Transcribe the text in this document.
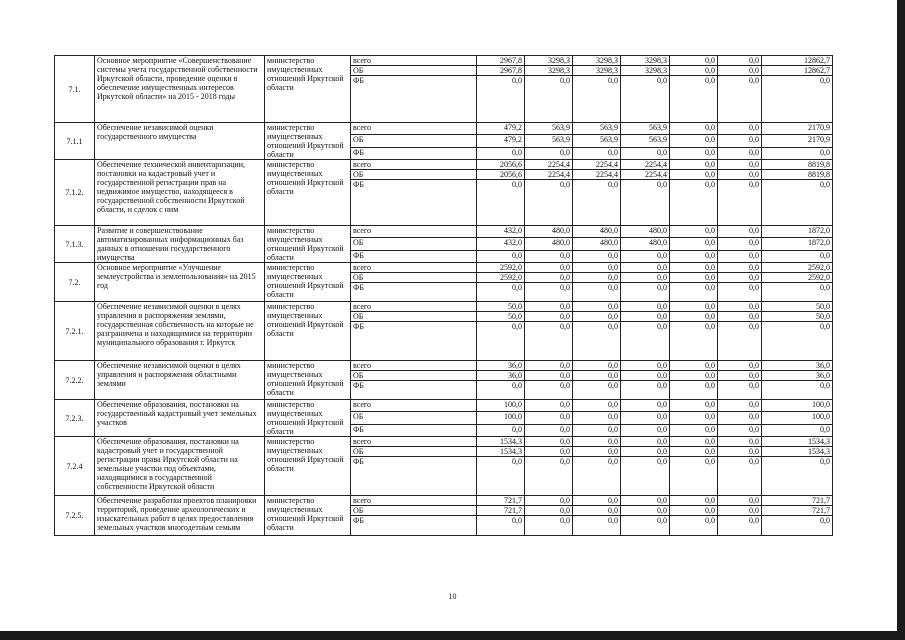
7.1.	Основное мероприятие «Совершенствование системы учета государственной собственности Иркутской области, проведение оценки в обеспечение имущественных интересов Иркутской области» на 2015 - 2018 годы	министерство имущественных отношений Иркутской области	всего	2967,8	3298,3	3298,3	3298,3	0,0	0,0	12862,7
			ОБ	2967,8	3298,3	3298,3	3298,3	0,0	0,0	12862,7
			ФБ	0,0	0,0	0,0	0,0	0,0	0,0	0,0
7.1.1	Обеспечение независимой оценки государственного имущества	министерство имущественных отношений Иркутской области	всего	479,2	563,9	563,9	563,9	0,0	0,0	2170,9
			ОБ	479,2	563,9	563,9	563,9	0,0	0,0	2170,9
			ФБ	0,0	0,0	0,0	0,0	0,0	0,0	0,0
7.1.2.	Обеспечение технической инвентаризации, постановки на кадастровый учет и государственной регистрации прав на недвижимое имущество, находящееся в государственной собственности Иркутской области, и сделок с ним	министерство имущественных отношений Иркутской области	всего	2056,6	2254,4	2254,4	2254,4	0,0	0,0	8819,8
			ОБ	2056,6	2254,4	2254,4	2254,4	0,0	0,0	8819,8
			ФБ	0,0	0,0	0,0	0,0	0,0	0,0	0,0
7.1.3.	Развитие и совершенствование автоматизированных информационных баз данных в отношении государственного имущества	министерство имущественных отношений Иркутской области	всего	432,0	480,0	480,0	480,0	0,0	0,0	1872,0
			ОБ	432,0	480,0	480,0	480,0	0,0	0,0	1872,0
			ФБ	0,0	0,0	0,0	0,0	0,0	0,0	0,0
7.2.	Основное мероприятие «Улучшение землеустройства и землепользования» на 2015 год	министерство имущественных отношений Иркутской области	всего	2592,0	0,0	0,0	0,0	0,0	0,0	2592,0
			ОБ	2592,0	0,0	0,0	0,0	0,0	0,0	2592,0
			ФБ	0,0	0,0	0,0	0,0	0,0	0,0	0,0
7.2.1.	Обеспечение независимой оценки в целях управления и распоряжения землями, государственная собственность на которые не разграничена и находящимися на территории муниципального образования г. Иркутск	министерство имущественных отношений Иркутской области	всего	50,0	0,0	0,0	0,0	0,0	0,0	50,0
			ОБ	50,0	0,0	0,0	0,0	0,0	0,0	50,0
			ФБ	0,0	0,0	0,0	0,0	0,0	0,0	0,0
7.2.2.	Обеспечение независимой оценки в целях управления и распоряжения областными землями	министерство имущественных отношений Иркутской области	всего	36,0	0,0	0,0	0,0	0,0	0,0	36,0
			ОБ	36,0	0,0	0,0	0,0	0,0	0,0	36,0
			ФБ	0,0	0,0	0,0	0,0	0,0	0,0	0,0
7.2.3.	Обеспечение образования, постановки на государственный кадастровый учет земельных участков	министерство имущественных отношений Иркутской области	всего	100,0	0,0	0,0	0,0	0,0	0,0	100,0
			ОБ	100,0	0,0	0,0	0,0	0,0	0,0	100,0
			ФБ	0,0	0,0	0,0	0,0	0,0	0,0	0,0
7.2.4	Обеспечение образования, постановки на кадастровый учет и государственной регистрации права Иркутской области на земельные участки под объектами, находящимися в государственной собственности Иркутской области	министерство имущественных отношений Иркутской области	всего	1534,3	0,0	0,0	0,0	0,0	0,0	1534,3
			ОБ	1534,3	0,0	0,0	0,0	0,0	0,0	1534,3
			ФБ	0,0	0,0	0,0	0,0	0,0	0,0	0,0
7.2.5.	Обеспечение разработки проектов планировки территорий, проведение археологических и изыскательных работ в целях предоставления земельных участков многодетным семьям	министерство имущественных отношений Иркутской области	всего	721,7	0,0	0,0	0,0	0,0	0,0	721,7
			ОБ	721,7	0,0	0,0	0,0	0,0	0,0	721,7
			ФБ	0,0	0,0	0,0	0,0	0,0	0,0	0,0
10
